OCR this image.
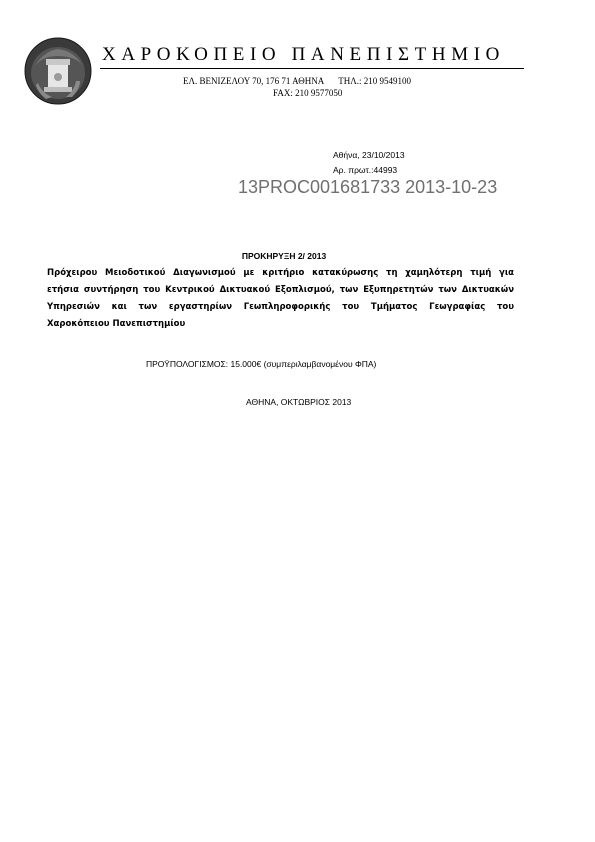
ΧΑΡΟΚΟΠΕΙΟ ΠΑΝΕΠΙΣΤΗΜΙΟ
ΕΛ. ΒΕΝΙΖΕΛΟΥ 70, 176 71 ΑΘΗΝΑ ΤΗΛ.: 210 9549100
FAX: 210 9577050
Αθήνα, 23/10/2013
Αρ. πρωτ.:44993
13PROC001681733 2013-10-23
ΠΡΟΚΗΡΥΞΗ 2/ 2013
Πρόχειρου Μειοδοτικού Διαγωνισμού με κριτήριο κατακύρωσης τη χαμηλότερη τιμή για
ετήσια συντήρηση του Κεντρικού Δικτυακού Εξοπλισμού, των Εξυπηρετητών των Δικτυακών
Υπηρεσιών και των εργαστηρίων Γεωπληροφορικής του Τμήματος Γεωγραφίας του
Χαροκόπειου Πανεπιστημίου
ΠΡΟΫΠΟΛΟΓΙΣΜΟΣ: 15.000€ (συμπεριλαμβανομένου ΦΠΑ)
ΑΘΗΝΑ, ΟΚΤΩΒΡΙΟΣ 2013
